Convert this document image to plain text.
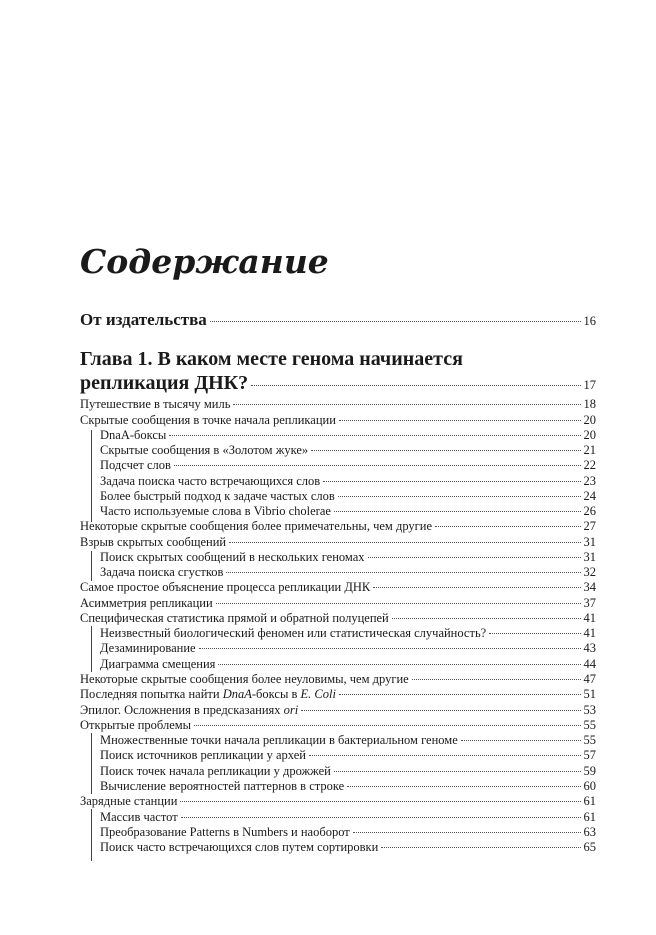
Содержание
От издательства	16
Глава 1. В каком месте генома начинается
репликация ДНК?	17
Путешествие в тысячу миль	18
Скрытые сообщения в точке начала репликации	20
DnaA-боксы	20
Скрытые сообщения в «Золотом жуке»	21
Подсчет слов	22
Задача поиска часто встречающихся слов	23
Более быстрый подход к задаче частых слов	24
Часто используемые слова в Vibrio cholerae	26
Некоторые скрытые сообщения более примечательны, чем другие	27
Взрыв скрытых сообщений	31
Поиск скрытых сообщений в нескольких геномах	31
Задача поиска сгустков	32
Самое простое объяснение процесса репликации ДНК	34
Асимметрия репликации	37
Специфическая статистика прямой и обратной полуцепей	41
Неизвестный биологический феномен или статистическая случайность?	41
Дезаминирование	43
Диаграмма смещения	44
Некоторые скрытые сообщения более неуловимы, чем другие	47
Последняя попытка найти DnaA-боксы в E. Coli	51
Эпилог. Осложнения в предсказаниях ori	53
Открытые проблемы	55
Множественные точки начала репликации в бактериальном геноме	55
Поиск источников репликации у архей	57
Поиск точек начала репликации у дрожжей	59
Вычисление вероятностей паттернов в строке	60
Зарядные станции	61
Массив частот	61
Преобразование Patterns в Numbers и наоборот	63
Поиск часто встречающихся слов путем сортировки	65
